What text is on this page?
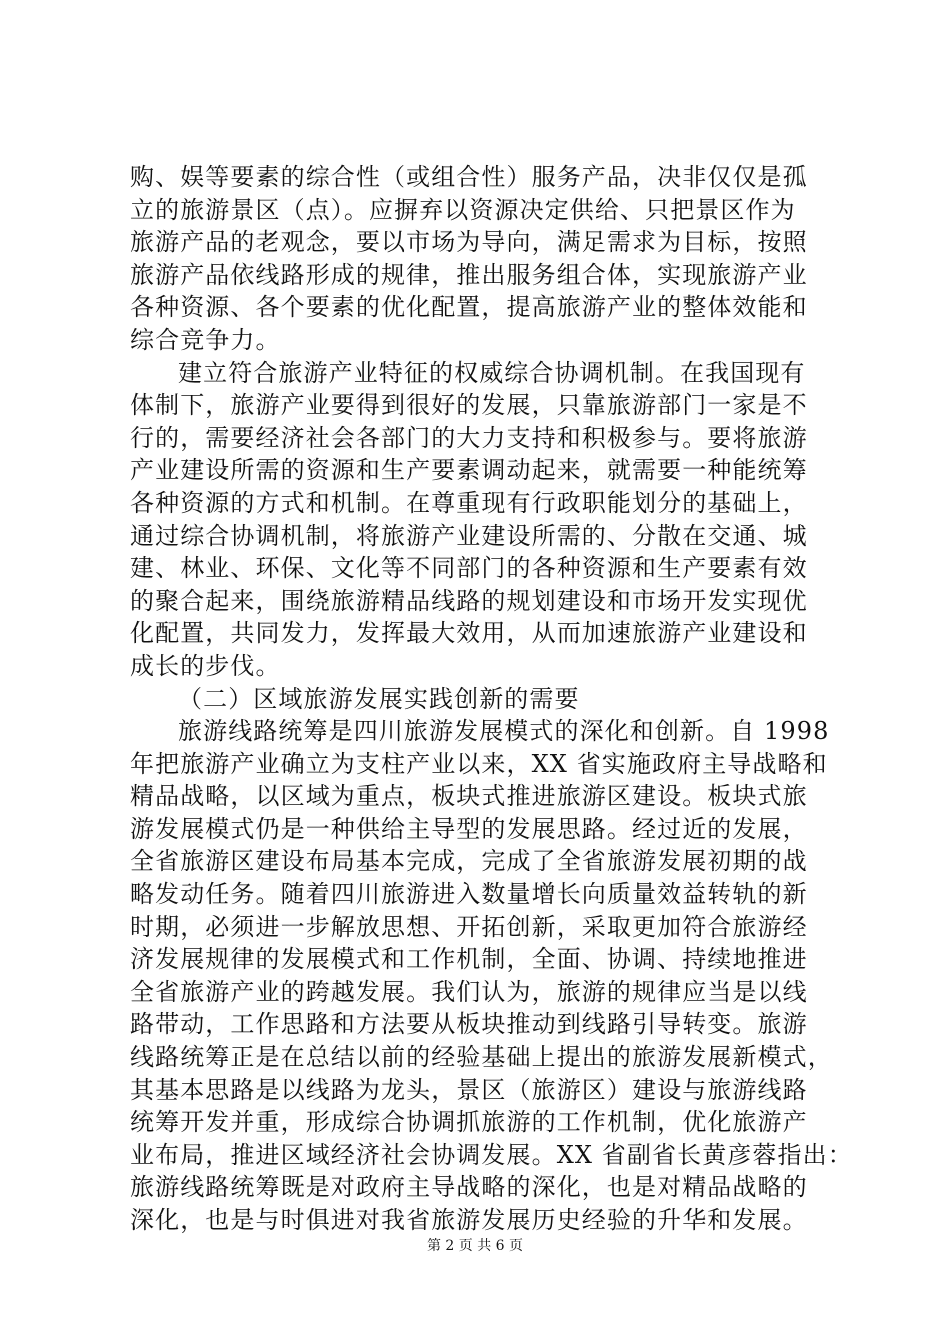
购、娱等要素的综合性（或组合性）服务产品，决非仅仅是孤
立的旅游景区（点）。应摒弃以资源决定供给、只把景区作为
旅游产品的老观念，要以市场为导向，满足需求为目标，按照
旅游产品依线路形成的规律，推出服务组合体，实现旅游产业
各种资源、各个要素的优化配置，提高旅游产业的整体效能和
综合竞争力。
建立符合旅游产业特征的权威综合协调机制。在我国现有
体制下，旅游产业要得到很好的发展，只靠旅游部门一家是不
行的，需要经济社会各部门的大力支持和积极参与。要将旅游
产业建设所需的资源和生产要素调动起来，就需要一种能统筹
各种资源的方式和机制。在尊重现有行政职能划分的基础上，
通过综合协调机制，将旅游产业建设所需的、分散在交通、城
建、林业、环保、文化等不同部门的各种资源和生产要素有效
的聚合起来，围绕旅游精品线路的规划建设和市场开发实现优
化配置，共同发力，发挥最大效用，从而加速旅游产业建设和
成长的步伐。
（二）区域旅游发展实践创新的需要
旅游线路统筹是四川旅游发展模式的深化和创新。自 1998
年把旅游产业确立为支柱产业以来，XX 省实施政府主导战略和
精品战略，以区域为重点，板块式推进旅游区建设。板块式旅
游发展模式仍是一种供给主导型的发展思路。经过近的发展，
全省旅游区建设布局基本完成，完成了全省旅游发展初期的战
略发动任务。随着四川旅游进入数量增长向质量效益转轨的新
时期，必须进一步解放思想、开拓创新，采取更加符合旅游经
济发展规律的发展模式和工作机制，全面、协调、持续地推进
全省旅游产业的跨越发展。我们认为，旅游的规律应当是以线
路带动，工作思路和方法要从板块推动到线路引导转变。旅游
线路统筹正是在总结以前的经验基础上提出的旅游发展新模式，
其基本思路是以线路为龙头，景区（旅游区）建设与旅游线路
统筹开发并重，形成综合协调抓旅游的工作机制，优化旅游产
业布局，推进区域经济社会协调发展。XX 省副省长黄彦蓉指出：
旅游线路统筹既是对政府主导战略的深化，也是对精品战略的
深化，也是与时俱进对我省旅游发展历史经验的升华和发展。
第 2 页 共 6 页
